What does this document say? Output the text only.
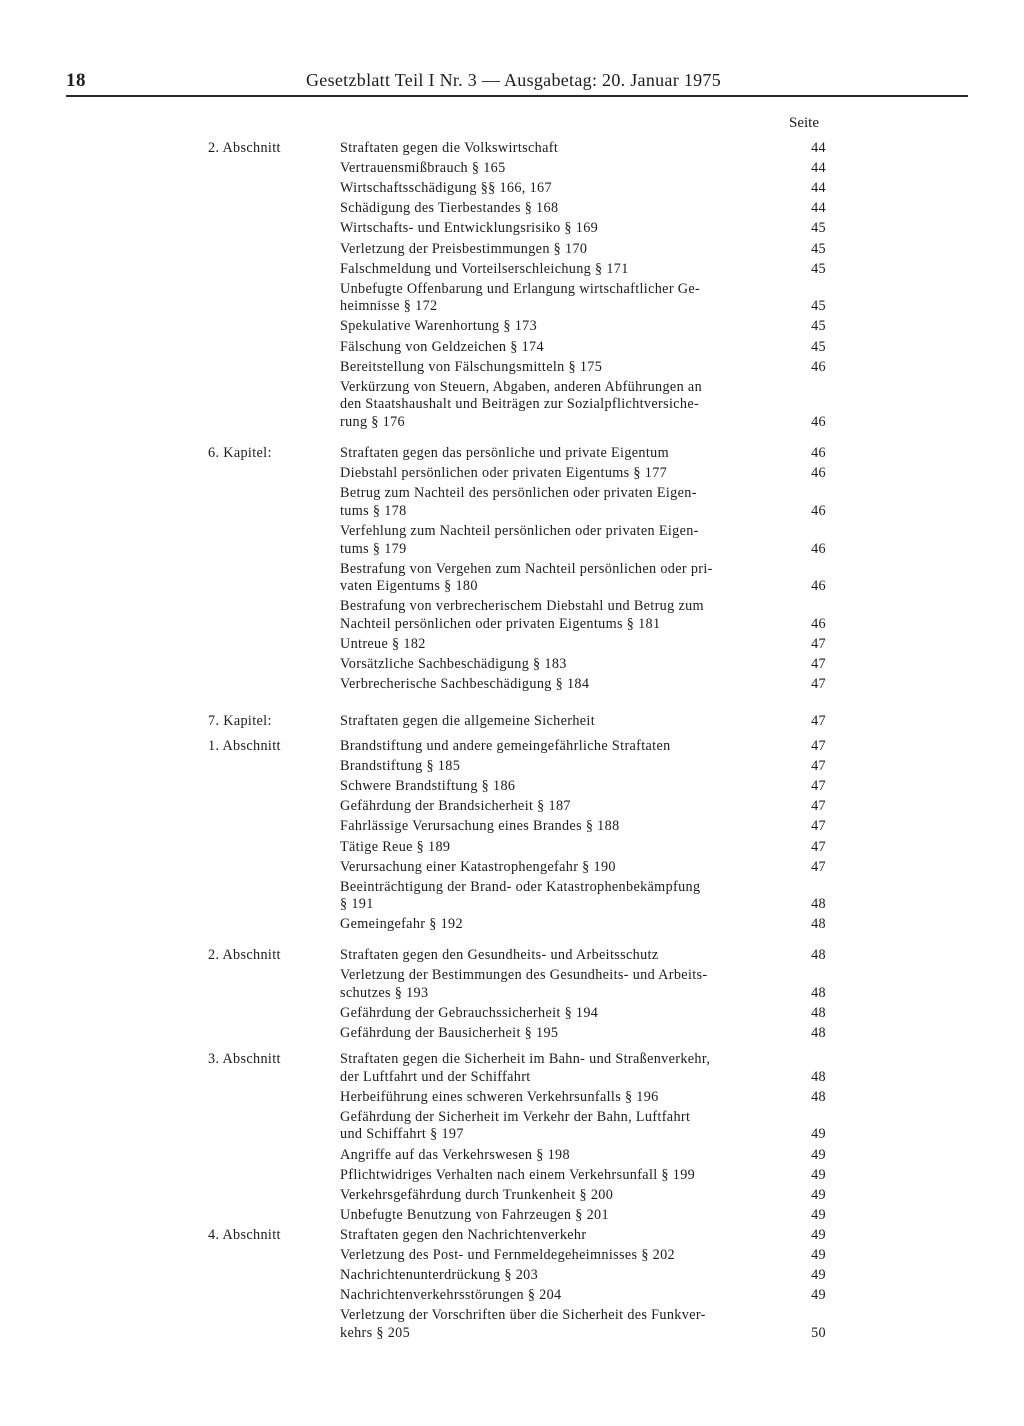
18	Gesetzblatt Teil I Nr. 3 — Ausgabetag: 20. Januar 1975
Seite
2. Abschnitt	Straftaten gegen die Volkswirtschaft	44
Vertrauensmißbrauch § 165	44
Wirtschaftsschädigung §§ 166, 167	44
Schädigung des Tierbestandes § 168	44
Wirtschafts- und Entwicklungsrisiko § 169	45
Verletzung der Preisbestimmungen § 170	45
Falschmeldung und Vorteilserschleichung § 171	45
Unbefugte Offenbarung und Erlangung wirtschaftlicher Ge-
heimnisse § 172	45
Spekulative Warenhortung § 173	45
Fälschung von Geldzeichen § 174	45
Bereitstellung von Fälschungsmitteln § 175	46
Verkürzung von Steuern, Abgaben, anderen Abführungen an
den Staatshaushalt und Beiträgen zur Sozialpflichtversiche-
rung § 176	46
6. Kapitel:	Straftaten gegen das persönliche und private Eigentum	46
Diebstahl persönlichen oder privaten Eigentums § 177	46
Betrug zum Nachteil des persönlichen oder privaten Eigen-
tums § 178	46
Verfehlung zum Nachteil persönlichen oder privaten Eigen-
tums § 179	46
Bestrafung von Vergehen zum Nachteil persönlichen oder pri-
vaten Eigentums § 180	46
Bestrafung von verbrecherischem Diebstahl und Betrug zum
Nachteil persönlichen oder privaten Eigentums § 181	46
Untreue § 182	47
Vorsätzliche Sachbeschädigung § 183	47
Verbrecherische Sachbeschädigung § 184	47
7. Kapitel:	Straftaten gegen die allgemeine Sicherheit	47
1. Abschnitt	Brandstiftung und andere gemeingefährliche Straftaten	47
Brandstiftung § 185	47
Schwere Brandstiftung § 186	47
Gefährdung der Brandsicherheit § 187	47
Fahrlässige Verursachung eines Brandes § 188	47
Tätige Reue § 189	47
Verursachung einer Katastrophengefahr § 190	47
Beeinträchtigung der Brand- oder Katastrophenbekämpfung
§ 191	48
Gemeingefahr § 192	48
2. Abschnitt	Straftaten gegen den Gesundheits- und Arbeitsschutz	48
Verletzung der Bestimmungen des Gesundheits- und Arbeits-
schutzes § 193	48
Gefährdung der Gebrauchssicherheit § 194	48
Gefährdung der Bausicherheit § 195	48
3. Abschnitt	Straftaten gegen die Sicherheit im Bahn- und Straßenverkehr,
der Luftfahrt und der Schiffahrt	48
Herbeiführung eines schweren Verkehrsunfalls § 196	48
Gefährdung der Sicherheit im Verkehr der Bahn, Luftfahrt
und Schiffahrt § 197	49
Angriffe auf das Verkehrswesen § 198	49
Pflichtwidriges Verhalten nach einem Verkehrsunfall § 199	49
Verkehrsgefährdung durch Trunkenheit § 200	49
Unbefugte Benutzung von Fahrzeugen § 201	49
4. Abschnitt	Straftaten gegen den Nachrichtenverkehr	49
Verletzung des Post- und Fernmeldegeheimnisses § 202	49
Nachrichtenunterdrückung § 203	49
Nachrichtenverkehrsstörungen § 204	49
Verletzung der Vorschriften über die Sicherheit des Funkver-
kehrs § 205	50
